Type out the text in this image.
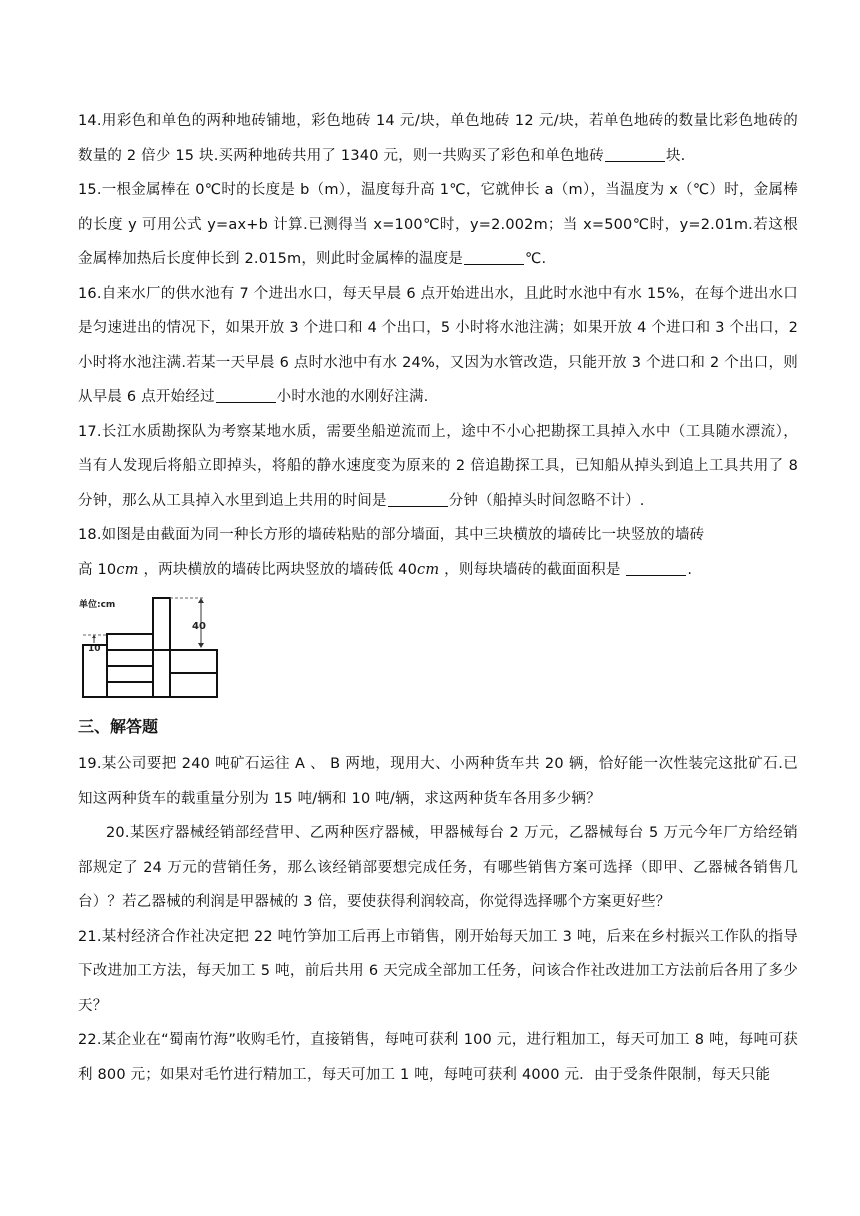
14.用彩色和单色的两种地砖铺地，彩色地砖 14 元/块，单色地砖 12 元/块，若单色地砖的数量比彩色地砖的数量的 2 倍少 15 块.买两种地砖共用了 1340 元，则一共购买了彩色和单色地砖	块.

15.一根金属棒在 0℃时的长度是 b（m），温度每升高 1℃，它就伸长 a（m），当温度为 x（℃）时，金属棒的长度 y 可用公式 y=ax+b 计算.已测得当 x=100℃时，y=2.002m；当 x=500℃时，y=2.01m.若这根金属棒加热后长度伸长到 2.015m，则此时金属棒的温度是	℃.

16.自来水厂的供水池有 7 个进出水口，每天早晨 6 点开始进出水，且此时水池中有水 15%，在每个进出水口是匀速进出的情况下，如果开放 3 个进口和 4 个出口，5 小时将水池注满；如果开放 4 个进口和 3 个出口，2 小时将水池注满.若某一天早晨 6 点时水池中有水 24%，又因为水管改造，只能开放 3 个进口和 2 个出口，则从早晨 6 点开始经过	小时水池的水刚好注满.

17.长江水质勘探队为考察某地水质，需要坐船逆流而上，途中不小心把勘探工具掉入水中（工具随水漂流），当有人发现后将船立即掉头，将船的静水速度变为原来的 2 倍追勘探工具，已知船从掉头到追上工具共用了 8 分钟，那么从工具掉入水里到追上共用的时间是	分钟（船掉头时间忽略不计）.

18.如图是由截面为同一种长方形的墙砖粘贴的部分墙面，其中三块横放的墙砖比一块竖放的墙砖
高 10cm ，两块横放的墙砖比两块竖放的墙砖低 40cm ，则每块墙砖的截面面积是	.

单位:cm
40
10
三、解答题

19.某公司要把 240 吨矿石运往 A 、 B 两地，现用大、小两种货车共 20 辆，恰好能一次性装完这批矿石.已知这两种货车的载重量分别为 15 吨/辆和 10 吨/辆，求这两种货车各用多少辆？

20.某医疗器械经销部经营甲、乙两种医疗器械，甲器械每台 2 万元，乙器械每台 5 万元今年厂方给经销部规定了 24 万元的营销任务，那么该经销部要想完成任务，有哪些销售方案可选择（即甲、乙器械各销售几台）？若乙器械的利润是甲器械的 3 倍，要使获得利润较高，你觉得选择哪个方案更好些？

21.某村经济合作社决定把 22 吨竹笋加工后再上市销售，刚开始每天加工 3 吨，后来在乡村振兴工作队的指导下改进加工方法，每天加工 5 吨，前后共用 6 天完成全部加工任务，问该合作社改进加工方法前后各用了多少天？

22.某企业在“蜀南竹海”收购毛竹，直接销售，每吨可获利 100 元，进行粗加工，每天可加工 8 吨，每吨可获利 800 元；如果对毛竹进行精加工，每天可加工 1 吨，每吨可获利 4000 元．由于受条件限制，每天只能
